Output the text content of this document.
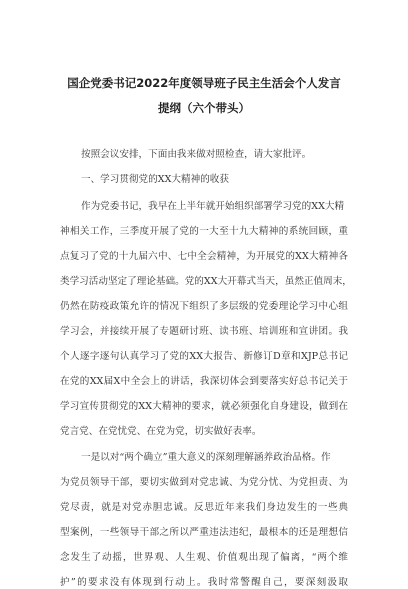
国企党委书记2022年度领导班子民主生活会个人发言
提纲（六个带头）
按照会议安排，下面由我来做对照检查，请大家批评。
一、学习贯彻党的XX大精神的收获
作为党委书记，我早在上半年就开始组织部署学习党的XX大精
神相关工作，三季度开展了党的一大至十九大精神的系统回顾，重
点复习了党的十九届六中、七中全会精神，为开展党的XX大精神各
类学习活动坚定了理论基础。党的XX大开幕式当天，虽然正值周末，
仍然在防疫政策允许的情况下组织了多层级的党委理论学习中心组
学习会，并接续开展了专题研讨班、读书班、培训班和宣讲团。我
个人逐字逐句认真学习了党的XX大报告、新修订D章和XJP总书记
在党的XX届X中全会上的讲话，我深切体会到要落实好总书记关于
学习宣传贯彻党的XX大精神的要求，就必须强化自身建设，做到在
党言党、在党忧党、在党为党，切实做好表率。
一是以对“两个确立”重大意义的深刻理解涵养政治品格。作
为党员领导干部，要切实做到对党忠诚、为党分忧、为党担责、为
党尽责，就是对党赤胆忠诚。反思近年来我们身边发生的一些典
型案例，一些领导干部之所以严重违法违纪，最根本的还是理想信
念发生了动摇，世界观、人生观、价值观出现了偏离，“两个维
护”的要求没有体现到行动上。我时常警醒自己，要深刻汲取
